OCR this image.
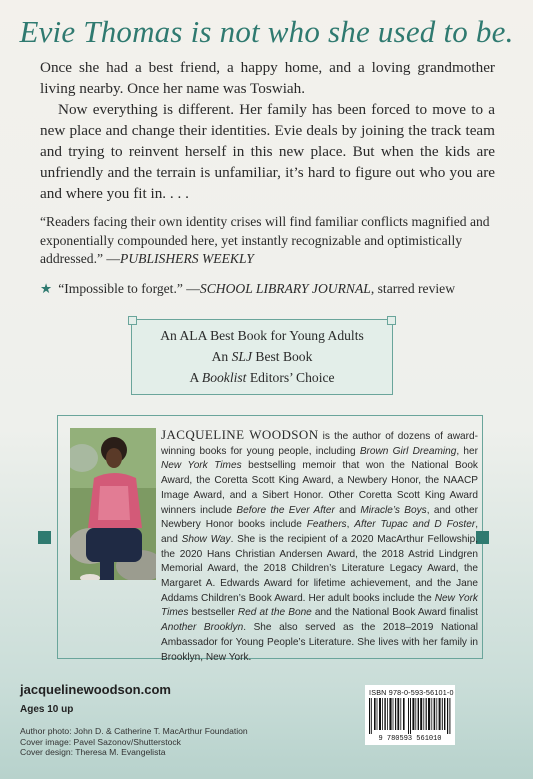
Evie Thomas is not who she used to be.

Once she had a best friend, a happy home, and a loving grandmother living nearby. Once her name was Toswiah.

Now everything is different. Her family has been forced to move to a new place and change their identities. Evie deals by joining the track team and trying to reinvent herself in this new place. But when the kids are unfriendly and the terrain is unfamiliar, it’s hard to figure out who you are and where you fit in. . . .

“Readers facing their own identity crises will find familiar conflicts magnified and exponentially compounded here, yet instantly recognizable and optimistically addressed.” —PUBLISHERS WEEKLY
★ “Impossible to forget.” —SCHOOL LIBRARY JOURNAL, starred review
An ALA Best Book for Young Adults
An SLJ Best Book
A Booklist Editors’ Choice
JACQUELINE WOODSON is the author of dozens of award-winning books for young people, including Brown Girl Dreaming, her New York Times bestselling memoir that won the National Book Award, the Coretta Scott King Award, a Newbery Honor, the NAACP Image Award, and a Sibert Honor. Other Coretta Scott King Award winners include Before the Ever After and Miracle’s Boys, and other Newbery Honor books include Feathers, After Tupac and D Foster, and Show Way. She is the recipient of a 2020 MacArthur Fellowship, the 2020 Hans Christian Andersen Award, the 2018 Astrid Lindgren Memorial Award, the 2018 Children’s Literature Legacy Award, the Margaret A. Edwards Award for lifetime achievement, and the Jane Addams Children’s Book Award. Her adult books include the New York Times bestseller Red at the Bone and the National Book Award finalist Another Brooklyn. She also served as the 2018–2019 National Ambassador for Young People’s Literature. She lives with her family in Brooklyn, New York.
jacquelinewoodson.com
Ages 10 up
Author photo: John D. & Catherine T. MacArthur Foundation
Cover image: Pavel Sazonov/Shutterstock
Cover design: Theresa M. Evangelista
ISBN 978-0-593-56101-0
9 780593 561010
